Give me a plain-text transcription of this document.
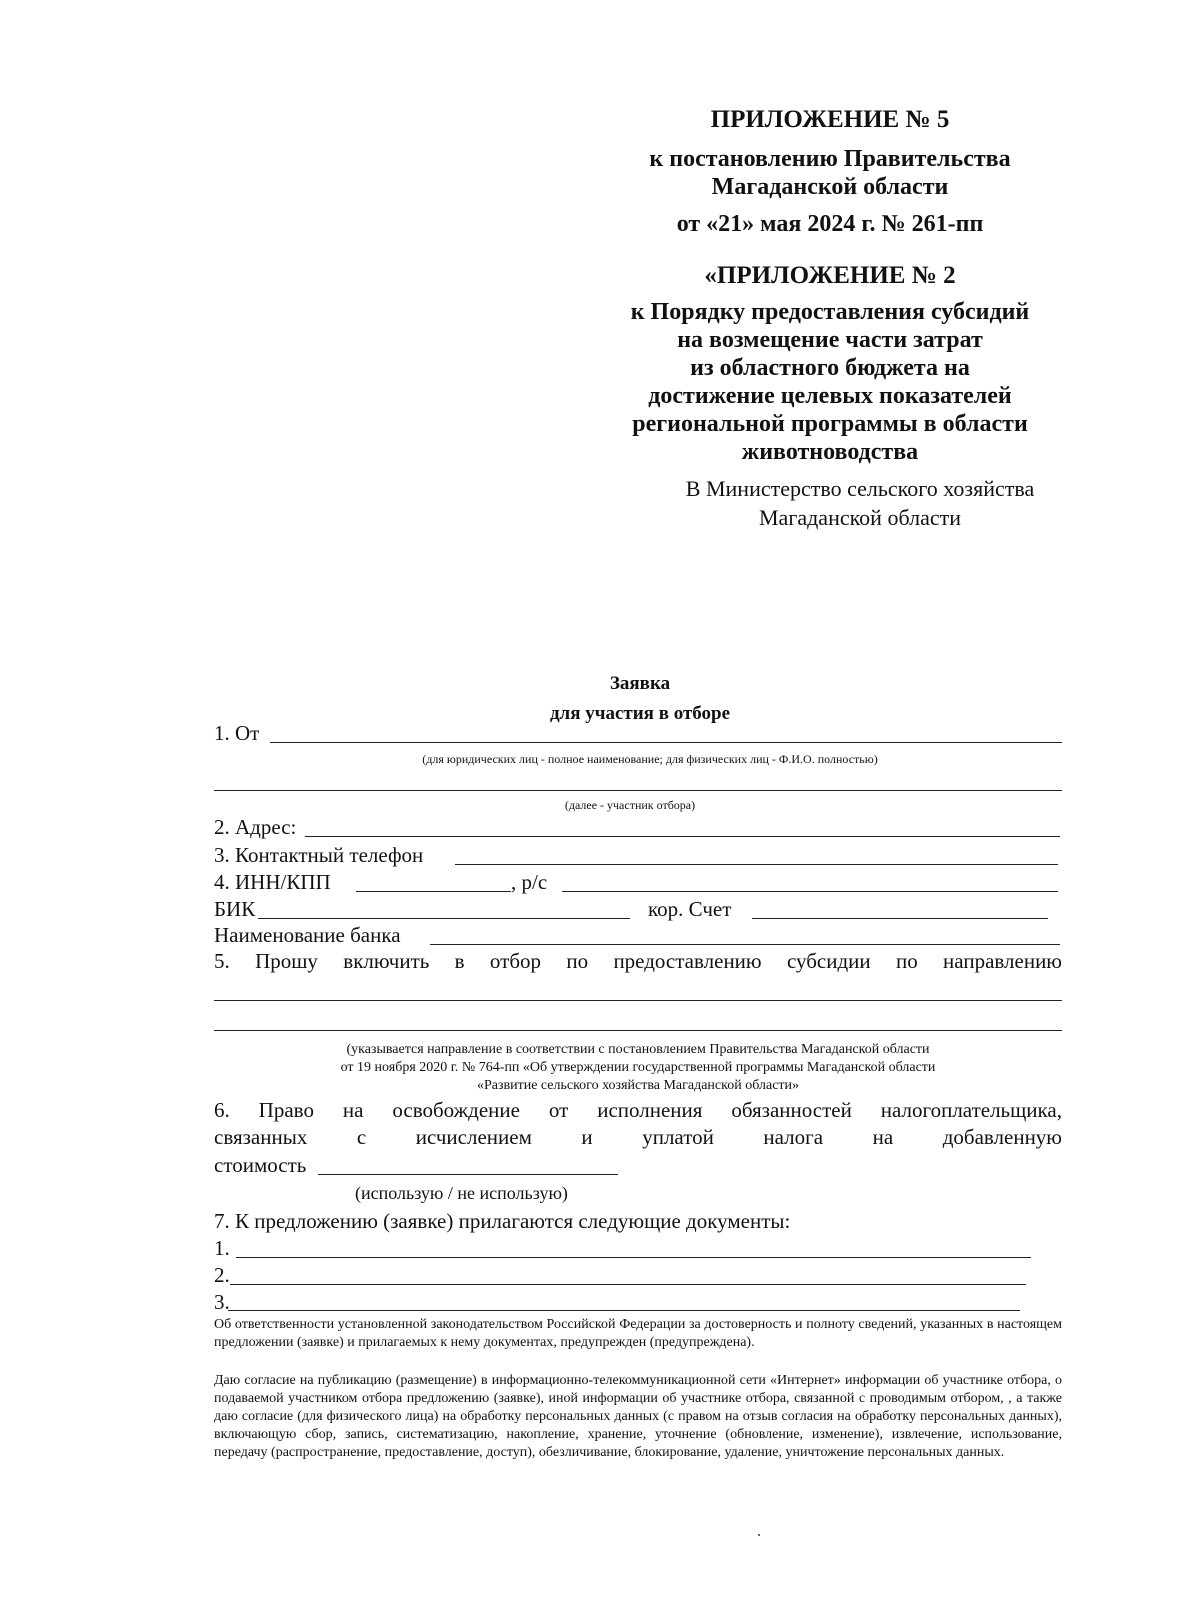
ПРИЛОЖЕНИЕ № 5
к постановлению Правительства
Магаданской области
от «21» мая 2024 г. № 261-пп
«ПРИЛОЖЕНИЕ № 2
к Порядку предоставления субсидий
на возмещение части затрат
из областного бюджета на
достижение целевых показателей
региональной программы в области
животноводства
В Министерство сельского хозяйства
Магаданской области
Заявка
для участия в отборе
1. От
(для юридических лиц - полное наименование; для физических лиц - Ф.И.О. полностью)
(далее - участник отбора)
2. Адрес:
3. Контактный телефон
4. ИНН/КПП	, р/с
БИК	кор. Счет
Наименование банка
5. Прошу включить в отбор по предоставлению субсидии по направлению
(указывается направление в соответствии с постановлением Правительства Магаданской области
от 19 ноября 2020 г. № 764-пп «Об утверждении государственной программы Магаданской области
«Развитие сельского хозяйства Магаданской области»
6. Право на освобождение от исполнения обязанностей налогоплательщика,
связанных с исчислением и уплатой налога на добавленную
стоимость
(использую / не использую)
7. К предложению (заявке) прилагаются следующие документы:
1.
2.
3.
Об ответственности установленной законодательством Российской Федерации за достоверность и полноту сведений, указанных в настоящем предложении (заявке) и прилагаемых к нему документах, предупрежден (предупреждена).
Даю согласие на публикацию (размещение) в информационно-телекоммуникационной сети «Интернет» информации об участнике отбора, о подаваемой участником отбора предложению (заявке), иной информации об участнике отбора, связанной с проводимым отбором, , а также даю согласие (для физического лица) на обработку персональных данных (с правом на отзыв согласия на обработку персональных данных), включающую сбор, запись, систематизацию, накопление, хранение, уточнение (обновление, изменение), извлечение, использование, передачу (распространение, предоставление, доступ), обезличивание, блокирование, удаление, уничтожение персональных данных.
